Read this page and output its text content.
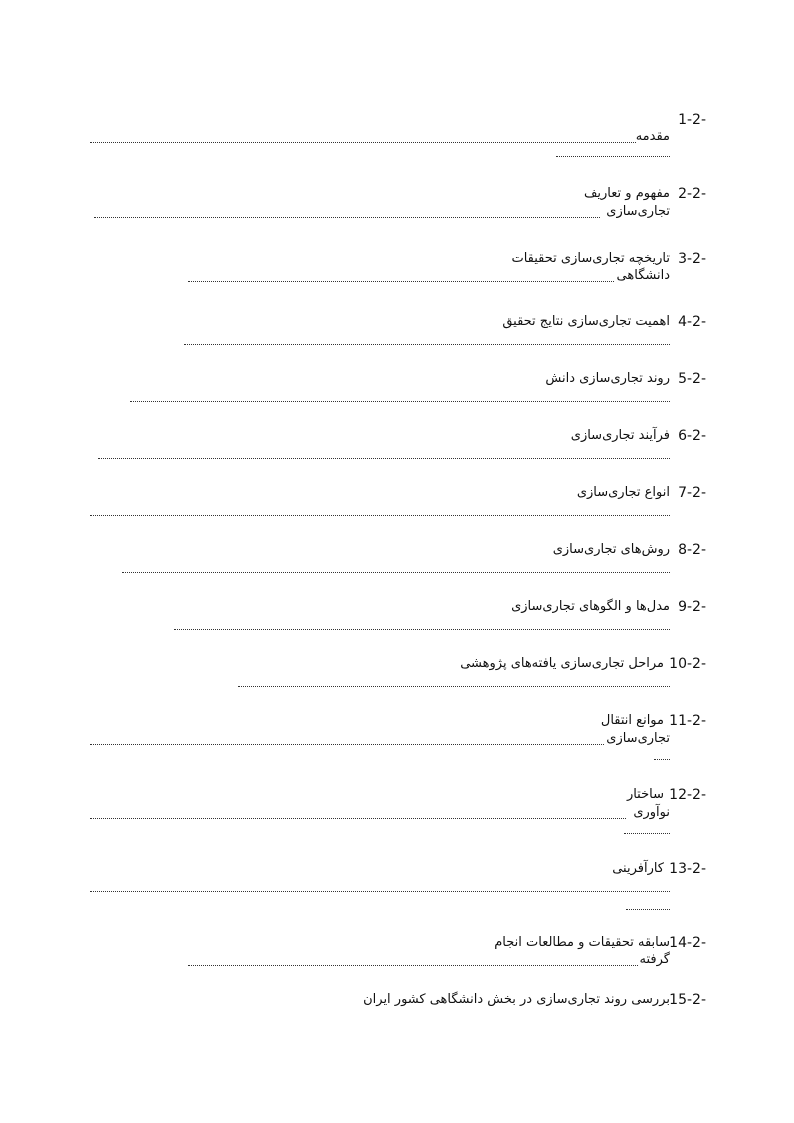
1-2-
مقدمه
2-2-
مفهوم و تعاریف
تجاری‌سازی
3-2-
تاریخچه تجاری‌سازی تحقیقات
دانشگاهی
4-2-
اهمیت تجاری‌سازی نتایج تحقیق
5-2-
روند تجاری‌سازی دانش
6-2-
فرآیند تجاری‌سازی
7-2-
انواع تجاری‌سازی
8-2-
روش‌های تجاری‌سازی
9-2-
مدل‌ها و الگوهای تجاری‌سازی
10-2-
مراحل تجاری‌سازی یافته‌های پژوهشی
11-2-
موانع انتقال
تجاری‌سازی
12-2-
ساختار
نوآوری
13-2-
کارآفرینی
14-2-
سابقه تحقیقات و مطالعات انجام
گرفته
15-2-
بررسی روند تجاری‌سازی در بخش دانشگاهی کشور ایران
